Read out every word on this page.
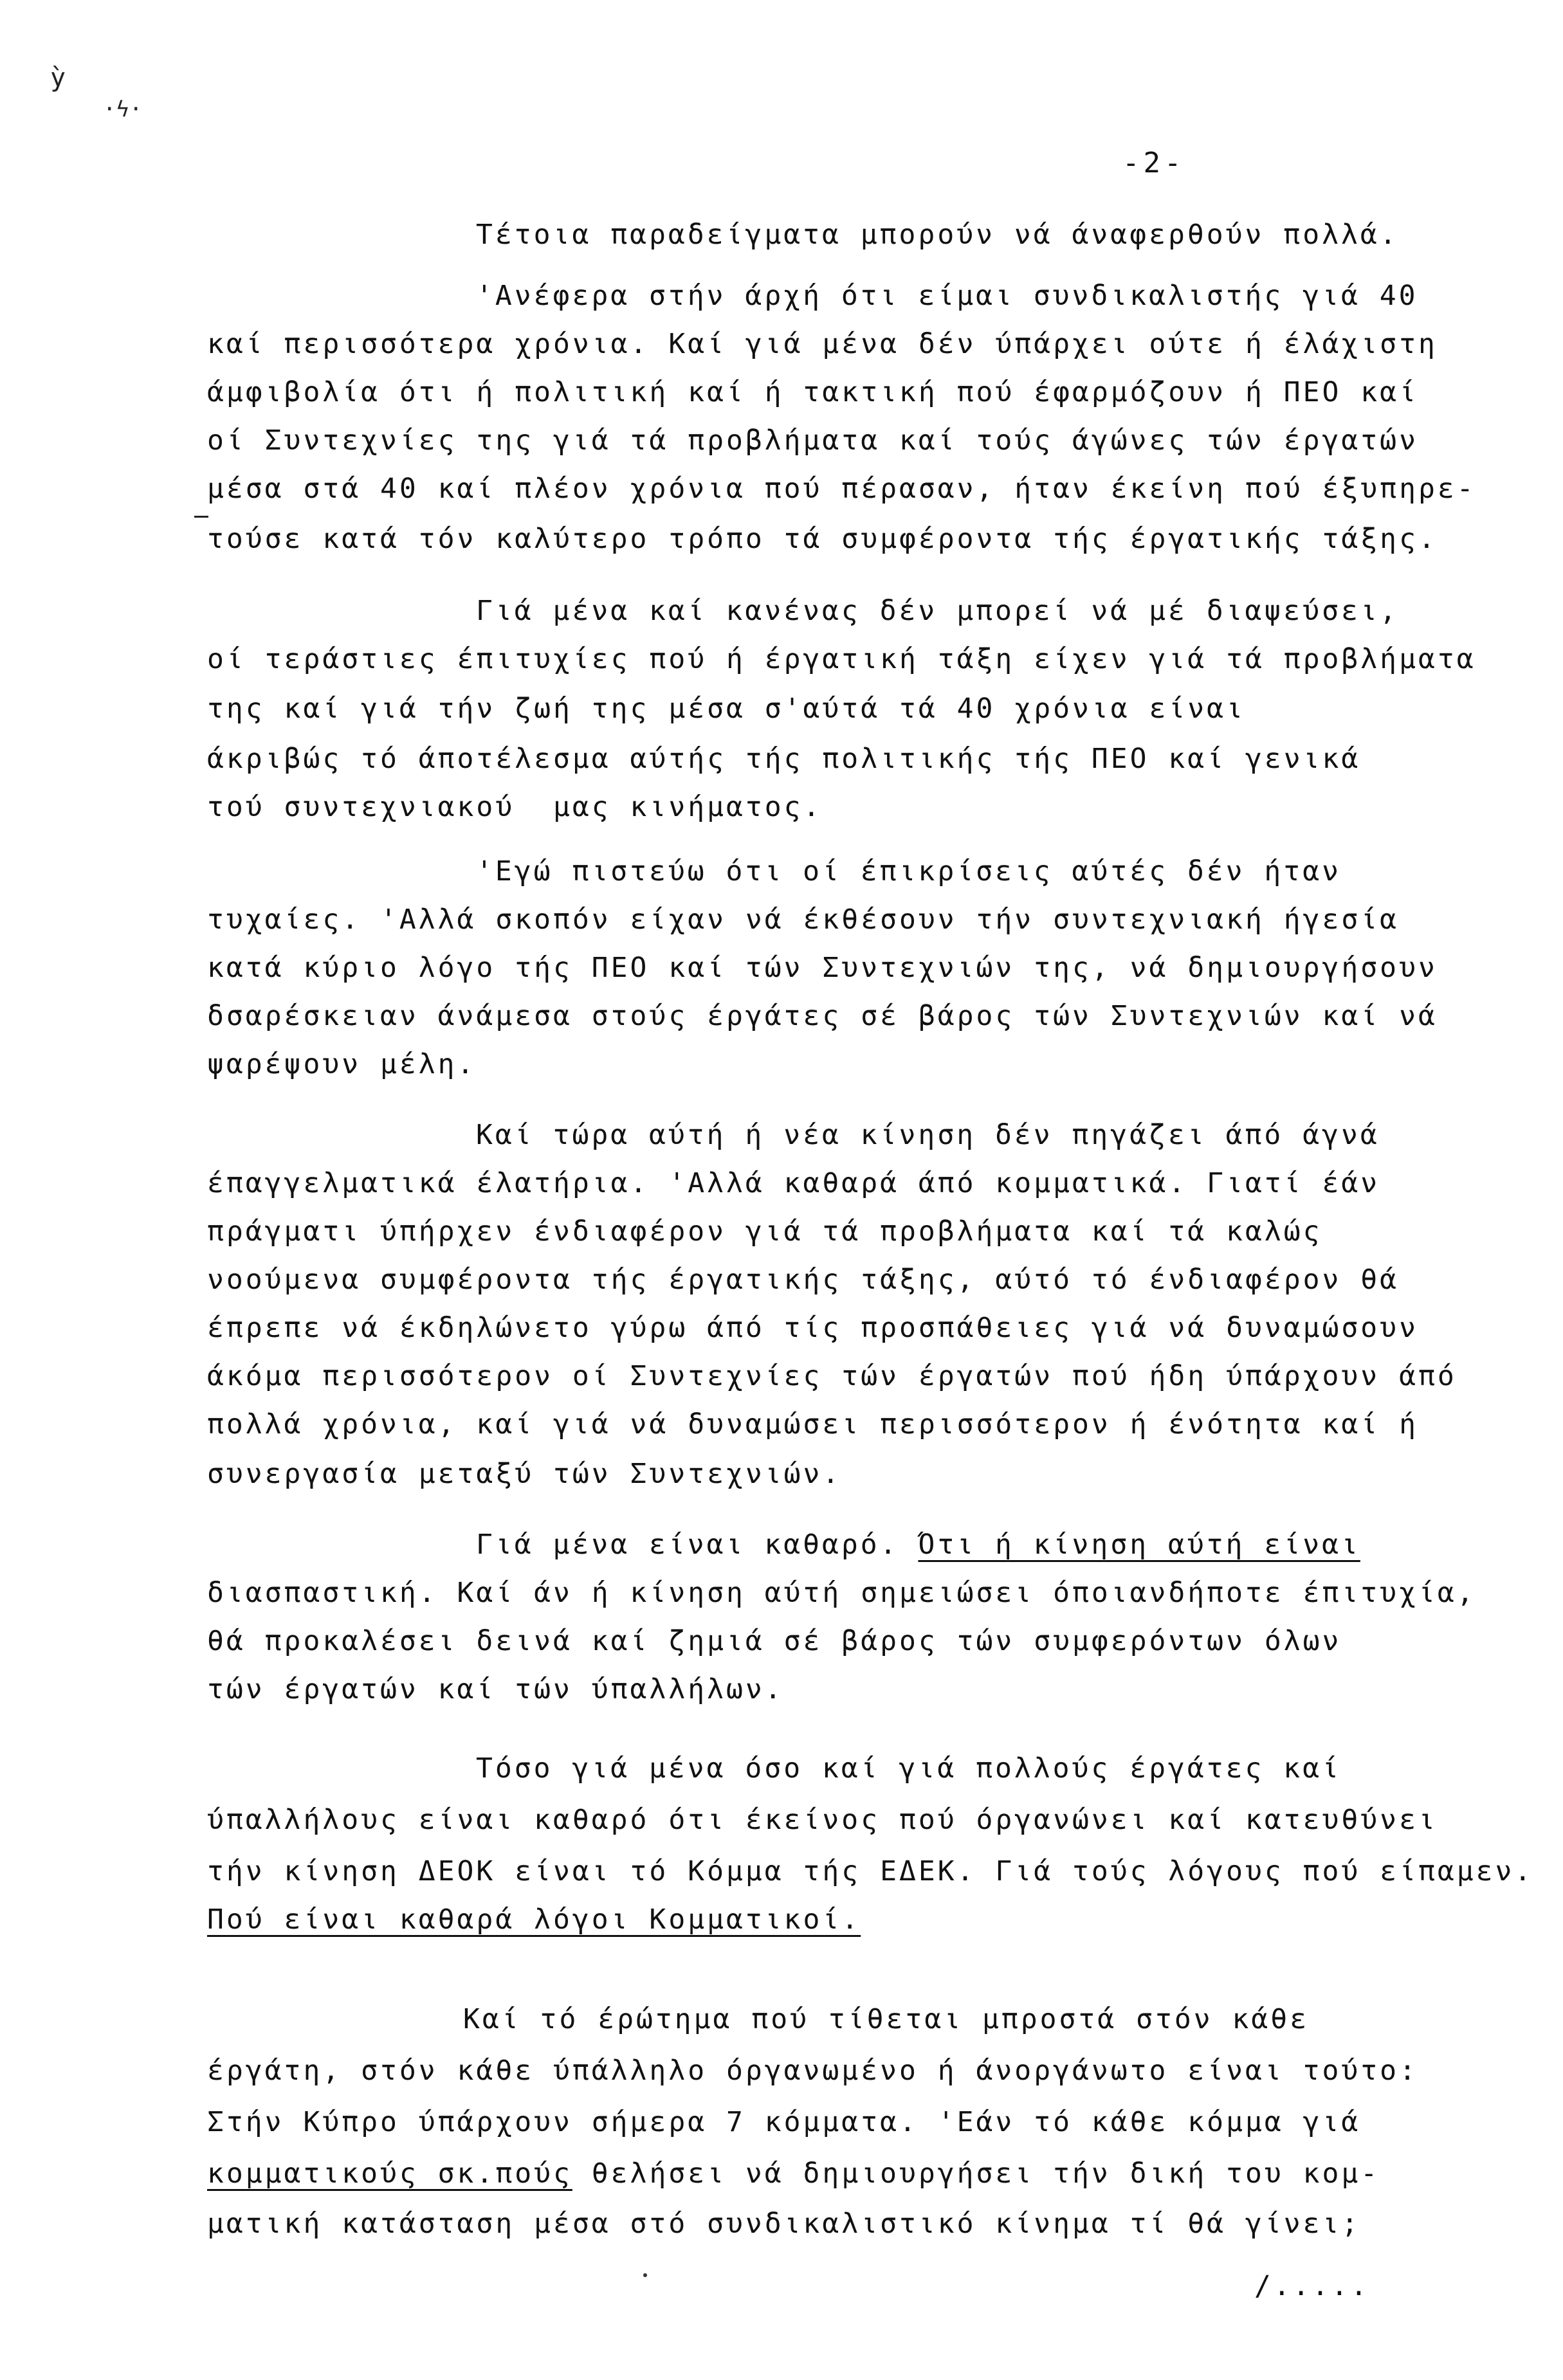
ỳ
·ϟ·
-2-
Τέτοια παραδείγματα μπορούν νά άναφερθούν πολλά.
'Ανέφερα στήν άρχή ότι είμαι συνδικαλιστής γιά 40
καί περισσότερα χρόνια. Καί γιά μένα δέν ύπάρχει ούτε ή έλάχιστη
άμφιβολία ότι ή πολιτική καί ή τακτική πού έφαρμόζουν ή ΠΕΟ καί
οί Συντεχνίες της γιά τά προβλήματα καί τούς άγώνες τών έργατών
μέσα στά 40 καί πλέον χρόνια πού πέρασαν, ήταν έκείνη πού έξυπηρε-
τούσε κατά τόν καλύτερο τρόπο τά συμφέροντα τής έργατικής τάξης.
Γιά μένα καί κανένας δέν μπορεί νά μέ διαψεύσει,
οί τεράστιες έπιτυχίες πού ή έργατική τάξη είχεν γιά τά προβλήματα
της καί γιά τήν ζωή της μέσα σ'αύτά τά 40 χρόνια είναι
άκριβώς τό άποτέλεσμα αύτής τής πολιτικής τής ΠΕΟ καί γενικά
τού συντεχνιακού  μας κινήματος.
'Εγώ πιστεύω ότι οί έπικρίσεις αύτές δέν ήταν
τυχαίες. 'Αλλά σκοπόν είχαν νά έκθέσουν τήν συντεχνιακή ήγεσία
κατά κύριο λόγο τής ΠΕΟ καί τών Συντεχνιών της, νά δημιουργήσουν
δσαρέσκειαν άνάμεσα στούς έργάτες σέ βάρος τών Συντεχνιών καί νά
ψαρέψουν μέλη.
Καί τώρα αύτή ή νέα κίνηση δέν πηγάζει άπό άγνά
έπαγγελματικά έλατήρια. 'Αλλά καθαρά άπό κομματικά. Γιατί έάν
πράγματι ύπήρχεν ένδιαφέρον γιά τά προβλήματα καί τά καλώς
νοούμενα συμφέροντα τής έργατικής τάξης, αύτό τό ένδιαφέρον θά
έπρεπε νά έκδηλώνετο γύρω άπό τίς προσπάθειες γιά νά δυναμώσουν
άκόμα περισσότερον οί Συντεχνίες τών έργατών πού ήδη ύπάρχουν άπό
πολλά χρόνια, καί γιά νά δυναμώσει περισσότερον ή ένότητα καί ή
συνεργασία μεταξύ τών Συντεχνιών.
Γιά μένα είναι καθαρό. Ότι ή κίνηση αύτή είναι
διασπαστική. Καί άν ή κίνηση αύτή σημειώσει όποιανδήποτε έπιτυχία,
θά προκαλέσει δεινά καί ζημιά σέ βάρος τών συμφερόντων όλων
τών έργατών καί τών ύπαλλήλων.
Τόσο γιά μένα όσο καί γιά πολλούς έργάτες καί
ύπαλλήλους είναι καθαρό ότι έκείνος πού όργανώνει καί κατευθύνει
τήν κίνηση ΔΕΟΚ είναι τό Κόμμα τής ΕΔΕΚ. Γιά τούς λόγους πού είπαμεν.
Πού είναι καθαρά λόγοι Κομματικοί.
Καί τό έρώτημα πού τίθεται μπροστά στόν κάθε
έργάτη, στόν κάθε ύπάλληλο όργανωμένο ή άνοργάνωτο είναι τούτο:
Στήν Κύπρο ύπάρχουν σήμερα 7 κόμματα. 'Εάν τό κάθε κόμμα γιά
κομματικούς σκ.πούς θελήσει νά δημιουργήσει τήν δική του κομ-
ματική κατάσταση μέσα στό συνδικαλιστικό κίνημα τί θά γίνει;
/.....
